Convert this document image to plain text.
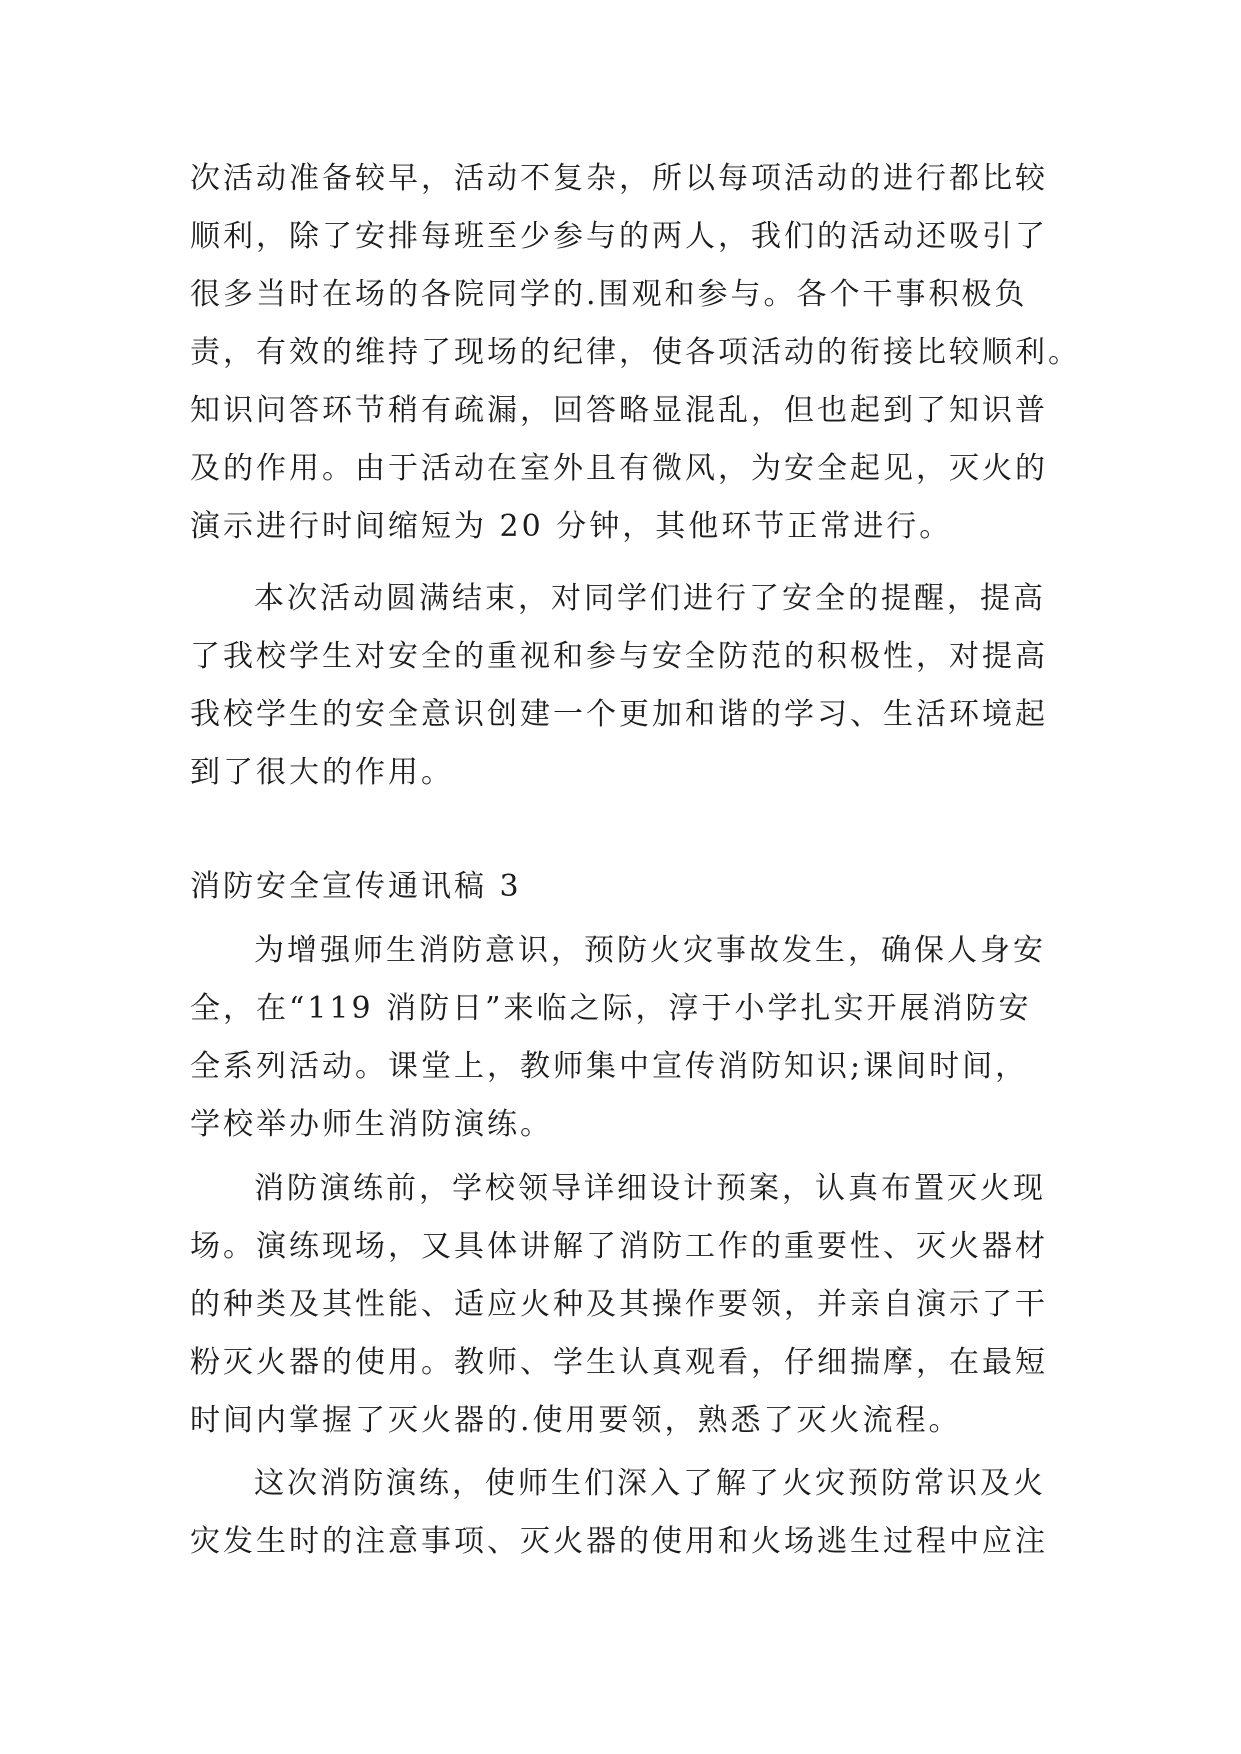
次活动准备较早，活动不复杂，所以每项活动的进行都比较
顺利，除了安排每班至少参与的两人，我们的活动还吸引了
很多当时在场的各院同学的.围观和参与。各个干事积极负
责，有效的维持了现场的纪律，使各项活动的衔接比较顺利。
知识问答环节稍有疏漏，回答略显混乱，但也起到了知识普
及的作用。由于活动在室外且有微风，为安全起见，灭火的
演示进行时间缩短为 20 分钟，其他环节正常进行。
本次活动圆满结束，对同学们进行了安全的提醒，提高
了我校学生对安全的重视和参与安全防范的积极性，对提高
我校学生的安全意识创建一个更加和谐的学习、生活环境起
到了很大的作用。
消防安全宣传通讯稿 3
为增强师生消防意识，预防火灾事故发生，确保人身安
全，在“119 消防日”来临之际，淳于小学扎实开展消防安
全系列活动。课堂上，教师集中宣传消防知识;课间时间，
学校举办师生消防演练。
消防演练前，学校领导详细设计预案，认真布置灭火现
场。演练现场，又具体讲解了消防工作的重要性、灭火器材
的种类及其性能、适应火种及其操作要领，并亲自演示了干
粉灭火器的使用。教师、学生认真观看，仔细揣摩，在最短
时间内掌握了灭火器的.使用要领，熟悉了灭火流程。
这次消防演练，使师生们深入了解了火灾预防常识及火
灾发生时的注意事项、灭火器的使用和火场逃生过程中应注
